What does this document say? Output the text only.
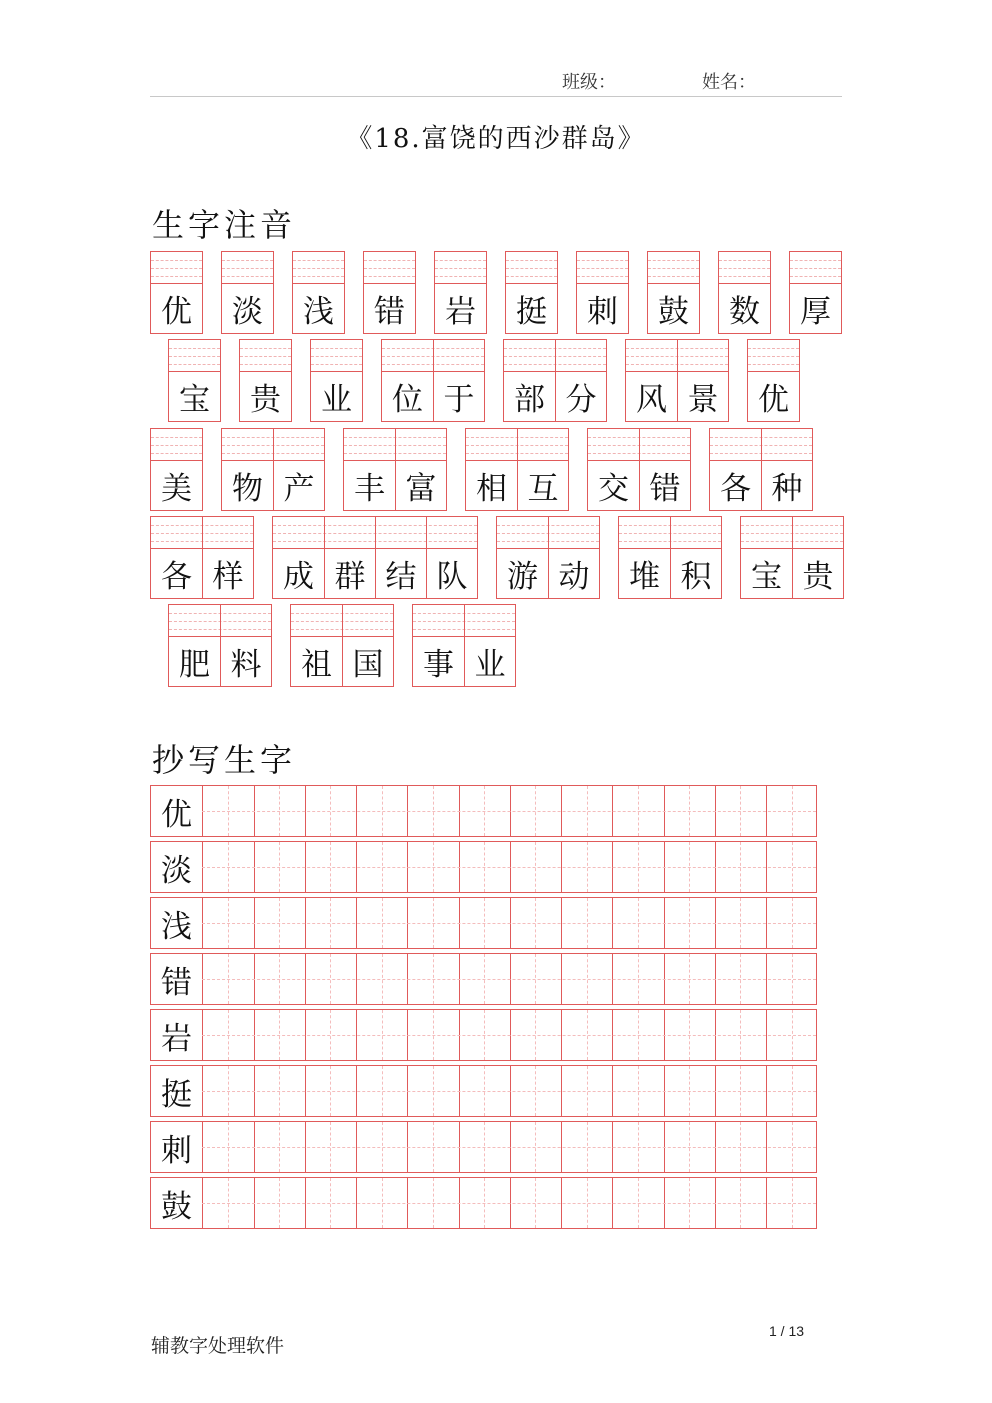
班级：	姓名：
《18.富饶的西沙群岛》
生字注音
优	淡	浅	错	岩	挺	刺	鼓	数	厚
宝	贵	业	位 于	部 分	风 景	优
美	物 产	丰 富	相 互	交 错	各 种
各 样	成 群 结 队	游 动	堆 积	宝 贵
肥 料	祖 国	事 业
抄写生字
优
淡
浅
错
岩
挺
刺
鼓
辅教字处理软件
1 / 13
